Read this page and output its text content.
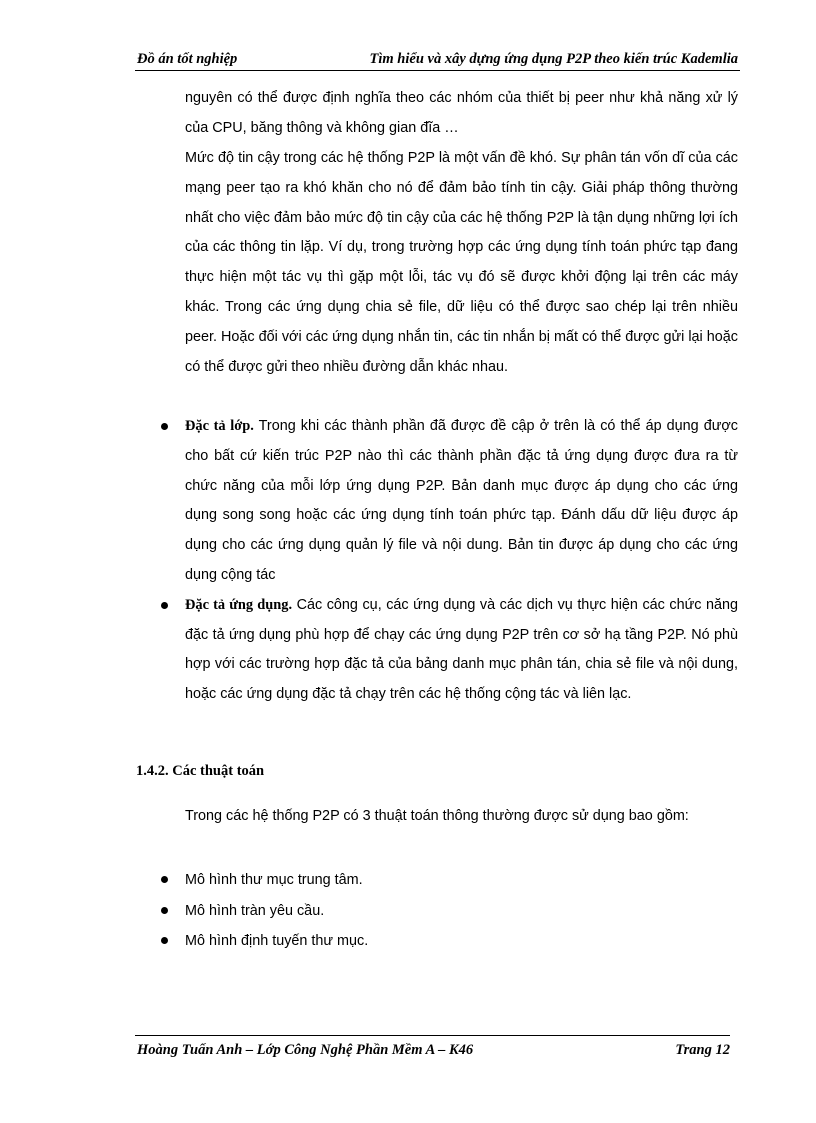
Đồ án tốt nghiệp	Tìm hiểu và xây dựng ứng dụng P2P theo kiến trúc Kademlia
nguyên có thể được định nghĩa theo các nhóm của thiết bị peer như khả năng xử lý của CPU, băng thông và không gian đĩa …
Mức độ tin cậy trong các hệ thống P2P là một vấn đề khó. Sự phân tán vốn dĩ của các mạng peer tạo ra khó khăn cho nó để đảm bảo tính tin cậy. Giải pháp thông thường nhất cho việc đảm bảo mức độ tin cậy của các hệ thống P2P là tận dụng những lợi ích của các thông tin lặp. Ví dụ, trong trường hợp các ứng dụng tính toán phức tạp đang thực hiện một tác vụ thì gặp một lỗi, tác vụ đó sẽ được khởi động lại trên các máy khác. Trong các ứng dụng chia sẻ file, dữ liệu có thể được sao chép lại trên nhiều peer. Hoặc đối với các ứng dụng nhắn tin, các tin nhắn bị mất có thể được gửi lại hoặc có thể được gửi theo nhiều đường dẫn khác nhau.
Đặc tả lớp. Trong khi các thành phần đã được đề cập ở trên là có thể áp dụng được cho bất cứ kiến trúc P2P nào thì các thành phần đặc tả ứng dụng được đưa ra từ chức năng của mỗi lớp ứng dụng P2P. Bản danh mục được áp dụng cho các ứng dụng song song hoặc các ứng dụng tính toán phức tạp. Đánh dấu dữ liệu được áp dụng cho các ứng dụng quản lý file và nội dung. Bản tin được áp dụng cho các ứng dụng cộng tác
Đặc tả ứng dụng. Các công cụ, các ứng dụng và các dịch vụ thực hiện các chức năng đặc tả ứng dụng phù hợp để chạy các ứng dụng P2P trên cơ sở hạ tầng P2P. Nó phù hợp với các trường hợp đặc tả của bảng danh mục phân tán, chia sẻ file và nội dung, hoặc các ứng dụng đặc tả chạy trên các hệ thống cộng tác và liên lạc.
1.4.2. Các thuật toán
Trong các hệ thống P2P có 3 thuật toán thông thường được sử dụng bao gồm:
Mô hình thư mục trung tâm.
Mô hình tràn yêu cầu.
Mô hình định tuyến thư mục.
Hoàng Tuấn Anh – Lớp Công Nghệ Phần Mềm A – K46	Trang 12
